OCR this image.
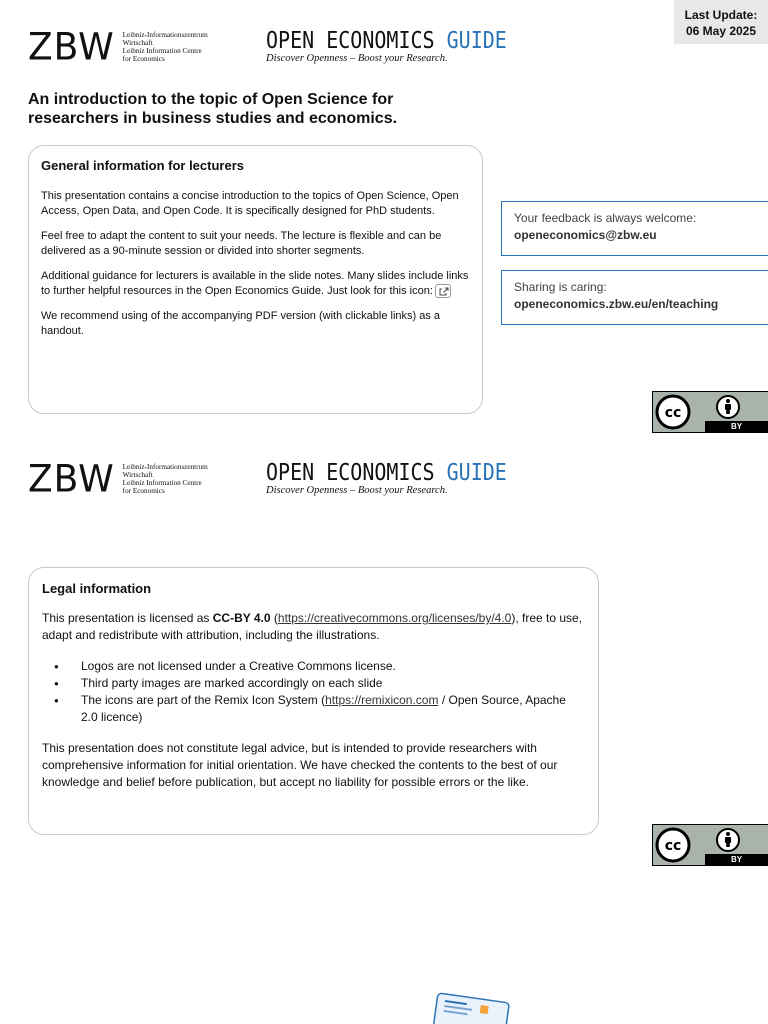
Last Update:
06 May 2025
ZBW Leibniz-Informationszentrum
Wirtschaft
Leibniz Information Centre
for Economics
OPEN ECONOMICS GUIDE
Discover Openness – Boost your Research.
An introduction to the topic of Open Science for researchers in business studies and economics.
General information for lecturers

This presentation contains a concise introduction to the topics of Open Science, Open Access, Open Data, and Open Code. It is specifically designed for PhD students.

Feel free to adapt the content to suit your needs. The lecture is flexible and can be delivered as a 90-minute session or divided into shorter segments.

Additional guidance for lecturers is available in the slide notes. Many slides include links to further helpful resources in the Open Economics Guide. Just look for this icon:

We recommend using of the accompanying PDF version (with clickable links) as a handout.

Your feedback is always welcome:
openeconomics@zbw.eu
Sharing is caring:
openeconomics.zbw.eu/en/teaching
cc
BY
ZBW Leibniz-Informationszentrum
Wirtschaft
Leibniz Information Centre
for Economics
OPEN ECONOMICS GUIDE
Discover Openness – Boost your Research.
Legal information

This presentation is licensed as CC-BY 4.0 (https://creativecommons.org/licenses/by/4.0), free to use, adapt and redistribute with attribution, including the illustrations.

● Logos are not licensed under a Creative Commons license.
● Third party images are marked accordingly on each slide
● The icons are part of the Remix Icon System (https://remixicon.com / Open Source, Apache 2.0 licence)

This presentation does not constitute legal advice, but is intended to provide researchers with comprehensive information for initial orientation. We have checked the contents to the best of our knowledge and belief before publication, but accept no liability for possible errors or the like.

cc
BY
